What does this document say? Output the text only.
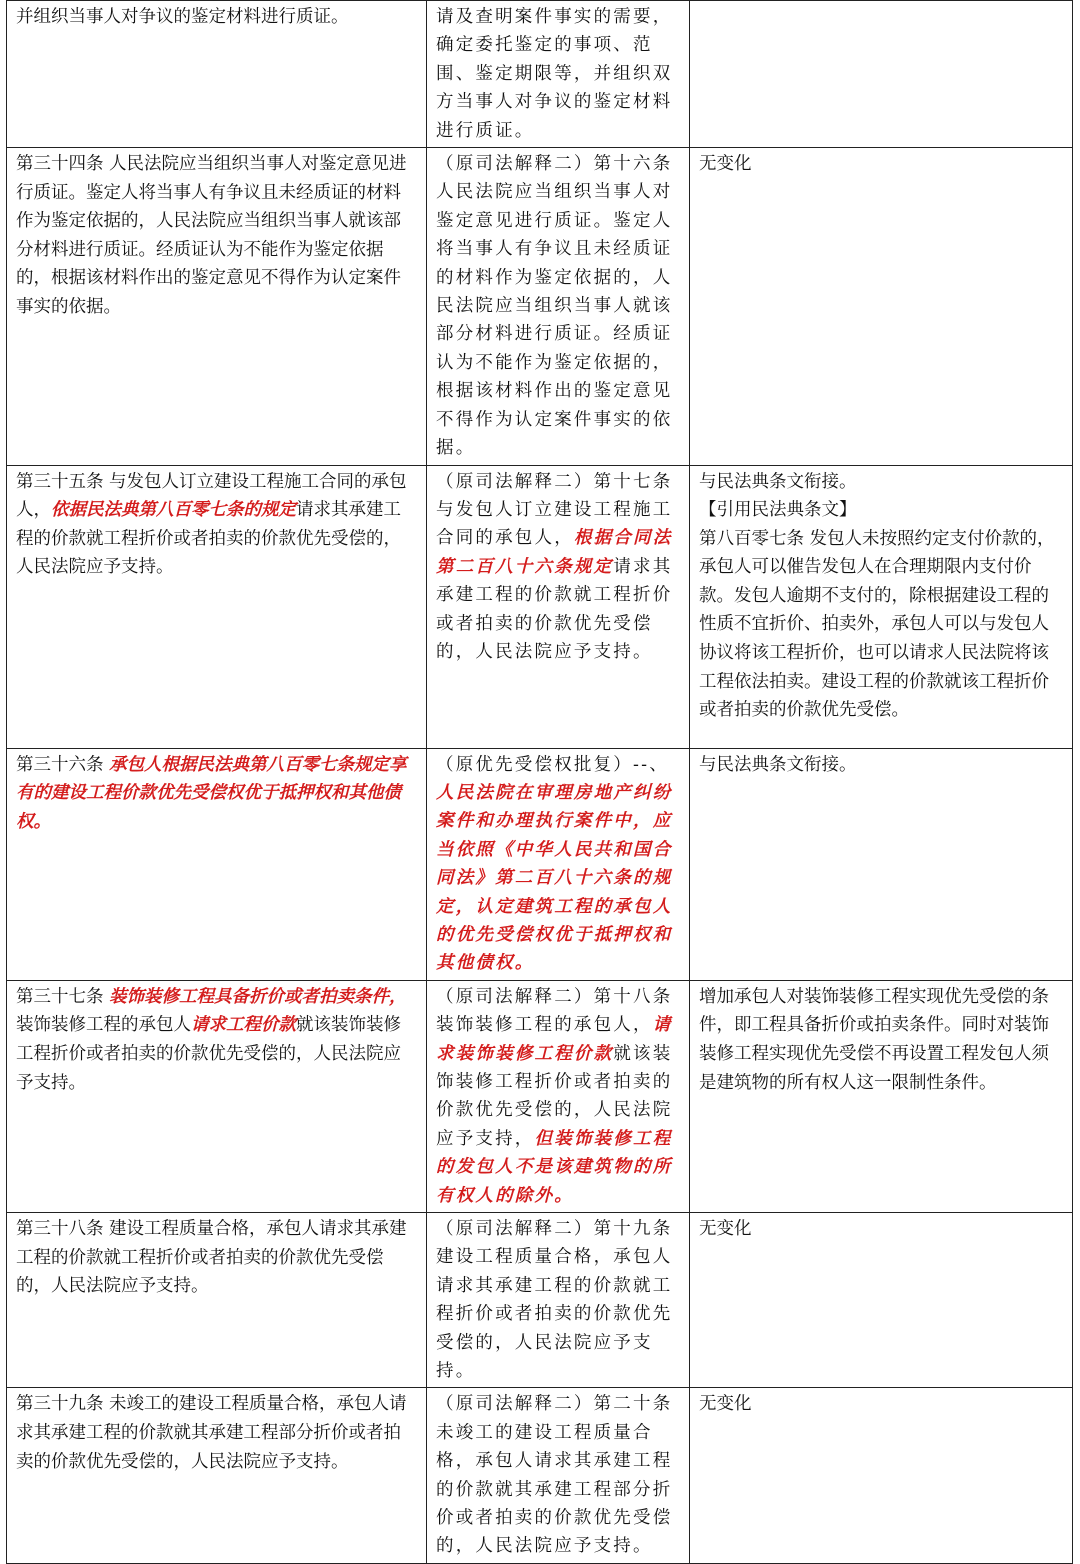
并组织当事人对争议的鉴定材料进行质证。	请及查明案件事实的需要，确定委托鉴定的事项、范围、鉴定期限等，并组织双方当事人对争议的鉴定材料进行质证。	
第三十四条 人民法院应当组织当事人对鉴定意见进行质证。鉴定人将当事人有争议且未经质证的材料作为鉴定依据的，人民法院应当组织当事人就该部分材料进行质证。经质证认为不能作为鉴定依据的，根据该材料作出的鉴定意见不得作为认定案件事实的依据。	（原司法解释二）第十六条 人民法院应当组织当事人对鉴定意见进行质证。鉴定人将当事人有争议且未经质证的材料作为鉴定依据的，人民法院应当组织当事人就该部分材料进行质证。经质证认为不能作为鉴定依据的，根据该材料作出的鉴定意见不得作为认定案件事实的依据。	无变化
第三十五条 与发包人订立建设工程施工合同的承包人，依据民法典第八百零七条的规定请求其承建工程的价款就工程折价或者拍卖的价款优先受偿的，人民法院应予支持。	（原司法解释二）第十七条 与发包人订立建设工程施工合同的承包人，根据合同法第二百八十六条规定请求其承建工程的价款就工程折价或者拍卖的价款优先受偿的，人民法院应予支持。	与民法典条文衔接。
【引用民法典条文】
第八百零七条 发包人未按照约定支付价款的，承包人可以催告发包人在合理期限内支付价款。发包人逾期不支付的，除根据建设工程的性质不宜折价、拍卖外，承包人可以与发包人协议将该工程折价，也可以请求人民法院将该工程依法拍卖。建设工程的价款就该工程折价或者拍卖的价款优先受偿。
第三十六条 承包人根据民法典第八百零七条规定享有的建设工程价款优先受偿权优于抵押权和其他债权。	（原优先受偿权批复）--、人民法院在审理房地产纠纷案件和办理执行案件中，应当依照《中华人民共和国合同法》第二百八十六条的规定，认定建筑工程的承包人的优先受偿权优于抵押权和其他债权。	与民法典条文衔接。
第三十七条 装饰装修工程具备折价或者拍卖条件，装饰装修工程的承包人请求工程价款就该装饰装修工程折价或者拍卖的价款优先受偿的，人民法院应予支持。	（原司法解释二）第十八条 装饰装修工程的承包人，请求装饰装修工程价款就该装饰装修工程折价或者拍卖的价款优先受偿的，人民法院应予支持，但装饰装修工程的发包人不是该建筑物的所有权人的除外。	增加承包人对装饰装修工程实现优先受偿的条件，即工程具备折价或拍卖条件。同时对装饰装修工程实现优先受偿不再设置工程发包人须是建筑物的所有权人这一限制性条件。
第三十八条 建设工程质量合格，承包人请求其承建工程的价款就工程折价或者拍卖的价款优先受偿的，人民法院应予支持。	（原司法解释二）第十九条 建设工程质量合格，承包人请求其承建工程的价款就工程折价或者拍卖的价款优先受偿的，人民法院应予支持。	无变化
第三十九条 未竣工的建设工程质量合格，承包人请求其承建工程的价款就其承建工程部分折价或者拍卖的价款优先受偿的，人民法院应予支持。	（原司法解释二）第二十条 未竣工的建设工程质量合格，承包人请求其承建工程的价款就其承建工程部分折价或者拍卖的价款优先受偿的，人民法院应予支持。	无变化
